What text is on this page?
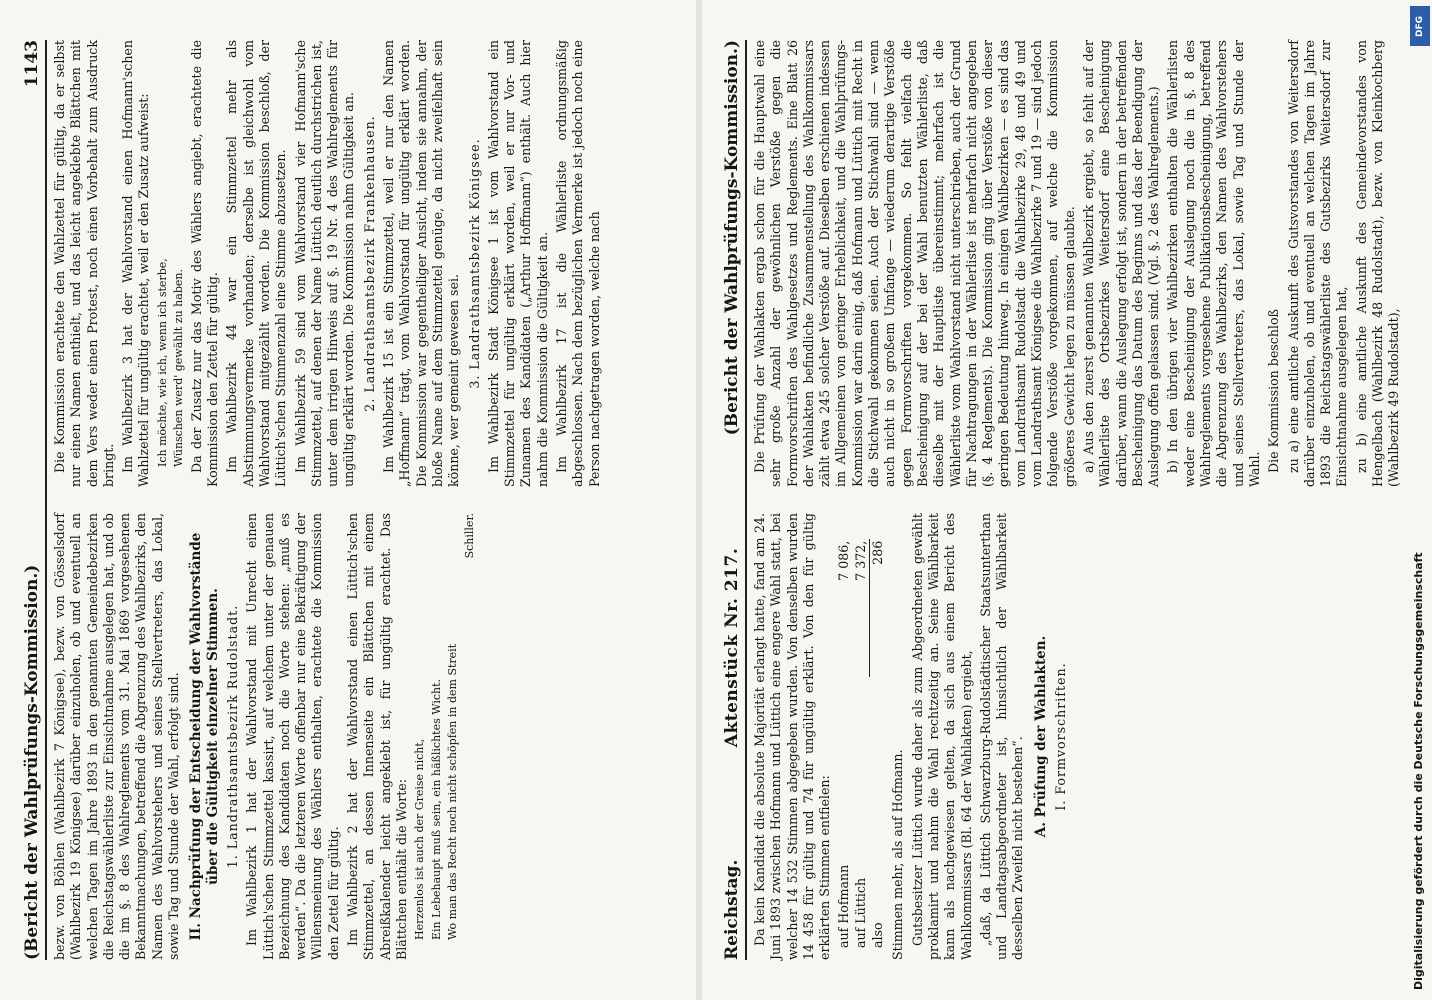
(Bericht der Wahlprüfungs-Kommission.)
1143

bezw. von Böhlen (Wahlbezirk 7 Königsee), bezw. von Gösselsdorf (Wahlbezirk 19 Königsee) darüber einzuholen, ob und eventuell an welchen Tagen im Jahre 1893 in den genannten Gemeindebezirken die Reichstagswählerliste zur Einsichtnahme ausgelegen hat, und ob die im §. 8 des Wahlreglements vom 31. Mai 1869 vorgesehenen Bekanntmachungen, betreffend die Abgrenzung des Wahlbezirks, den Namen des Wahlvorstehers und seines Stellvertreters, das Lokal, sowie Tag und Stunde der Wahl, erfolgt sind. II. Nachprüfung der Entscheidung der Wahlvorstände über die Gültigkeit einzelner Stimmen. 1. Landrathsamtsbezirk Rudolstadt. Im Wahlbezirk 1 hat der Wahlvorstand mit Unrecht einen Lüttich'schen Stimmzettel kassirt, auf welchem unter der genauen Bezeichnung des Kandidaten noch die Worte stehen: „muß es werden“. Da die letzteren Worte offenbar nur eine Bekräftigung der Willensmeinung des Wählers enthalten, erachtete die Kommission den Zettel für gültig. Im Wahlbezirk 2 hat der Wahlvorstand einen Lüttich'schen Stimmzettel, an dessen Innenseite ein Blättchen mit einem Abreißkalender leicht angeklebt ist, für ungültig erachtet. Das Blättchen enthält die Worte: Herzenlos ist auch der Greise nicht, Ein Lebehaupt muß sein, ein häßlichtes Wicht. Wo man das Recht noch nicht schöpfen in dem Streit

Schiller.

Die Kommission erachtete den Wahlzettel für gültig, da er selbst nur einen Namen enthielt, und das leicht angeklebte Blättchen mit dem Vers weder einen Protest, noch einen Vorbehalt zum Ausdruck bringt. Im Wahlbezirk 3 hat der Wahlvorstand einen Hofmann'schen Wahlzettel für ungültig erachtet, weil er den Zusatz aufweist: Ich möchte, wie ich, wenn ich sterbe, Wünschen werd' gewählt zu haben. Da der Zusatz nur das Motiv des Wählers angiebt, erachtete die Kommission den Zettel für gültig. Im Wahlbezirk 44 war ein Stimmzettel mehr als Abstimmungsvermerke vorhanden; derselbe ist gleichwohl vom Wahlvorstand mitgezählt worden. Die Kommission beschloß, der Lüttich'schen Stimmenzahl eine Stimme abzusetzen. Im Wahlbezirk 59 sind vom Wahlvorstand vier Hofmann'sche Stimmzettel, auf denen der Name Lüttich deutlich durchstrichen ist, unter dem irrigen Hinweis auf §. 19 Nr. 4 des Wahlreglements für ungültig erklärt worden. Die Kommission nahm Gültigkeit an. 2. Landrathsamtsbezirk Frankenhausen. Im Wahlbezirk 15 ist ein Stimmzettel, weil er nur den Namen „Hoffmann“ trägt, vom Wahlvorstand für ungültig erklärt worden. Die Kommission war gegentheiliger Ansicht, indem sie annahm, der bloße Name auf dem Stimmzettel genüge, da nicht zweifelhaft sein könne, wer gemeint gewesen sei. 3. Landrathsamtsbezirk Königsee. Im Wahlbezirk Stadt Königsee 1 ist vom Wahlvorstand ein Stimmzettel für ungültig erklärt worden, weil er nur Vor- und Zunamen des Kandidaten („Arthur Hoffmann“) enthält. Auch hier nahm die Kommission die Gültigkeit an. Im Wahlbezirk 17 ist die Wählerliste ordnungsmäßig abgeschlossen. Nach dem bezüglichen Vermerke ist jedoch noch eine Person nachgetragen worden, welche nach

Reichstag.
Aktenstück Nr. 217.
(Bericht der Wahlprüfungs-Kommission.)

Da kein Kandidat die absolute Majorität erlangt hatte, fand am 24. Juni 1893 zwischen Hofmann und Lüttich eine engere Wahl statt, bei welcher 14 532 Stimmen abgegeben wurden. Von denselben wurden 14 458 für gültig und 74 für ungültig erklärt. Von den für gültig erklärten Stimmen entfielen: auf Hofmann	7 086,
auf Lüttich	7 372,
also	286

Stimmen mehr, als auf Hofmann. Gutsbesitzer Lüttich wurde daher als zum Abgeordneten gewählt proklamirt und nahm die Wahl rechtzeitig an. Seine Wählbarkeit kann als nachgewiesen gelten, da sich aus einem Bericht des Wahlkommissars (Bl. 64 der Wahlakten) ergiebt, „daß, da Lüttich Schwarzburg-Rudolstädtischer Staatsunterthan und Landtagsabgeordneter ist, hinsichtlich der Wählbarkeit desselben Zweifel nicht bestehen“. A. Prüfung der Wahlakten. I. Formvorschriften.

Die Prüfung der Wahlakten ergab schon für die Hauptwahl eine sehr große Anzahl der gewöhnlichen Verstöße gegen die Formvorschriften des Wahlgesetzes und Reglements. Eine Blatt 26 der Wahlakten befindliche Zusammenstellung des Wahlkommissars zählt etwa 245 solcher Verstöße auf. Dieselben erschienen indessen im Allgemeinen von geringer Erheblichkeit, und die Wahlprüfungs-Kommission war darin einig, daß Hofmann und Lüttich mit Recht in die Stichwahl gekommen seien. Auch der Stichwahl sind — wenn auch nicht in so großem Umfange — wiederum derartige Verstöße gegen Formvorschriften vorgekommen. So fehlt vielfach die Bescheinigung auf der bei der Wahl benutzten Wählerliste, daß dieselbe mit der Hauptliste übereinstimmt; mehrfach ist die Wählerliste vom Wahlvorstand nicht unterschrieben, auch der Grund für Nachtragungen in der Wählerliste ist mehrfach nicht angegeben (§. 4 Reglements). Die Kommission ging über Verstöße von dieser geringen Bedeutung hinweg. In einigen Wahlbezirken — es sind das vom Landrathsamt Rudolstadt die Wahlbezirke 29, 48 und 49 und vom Landrathsamt Königsee die Wahlbezirke 7 und 19 — sind jedoch folgende Verstöße vorgekommen, auf welche die Kommission größeres Gewicht legen zu müssen glaubte. a) Aus den zuerst genannten Wahlbezirk ergiebt, so fehlt auf der Wählerliste des Ortsbezirkes Weitersdorf eine Bescheinigung darüber, wann die Auslegung erfolgt ist, sondern in der betreffenden Bescheinigung das Datum des Beginns und das der Beendigung der Auslegung offen gelassen sind. (Vgl. §. 2 des Wahlreglements.) b) In den übrigen vier Wahlbezirken enthalten die Wählerlisten weder eine Bescheinigung der Auslegung noch die in §. 8 des Wahlreglements vorgesehene Publikationsbescheinigung, betreffend die Abgrenzung des Wahlbezirks, den Namen des Wahlvorstehers und seines Stellvertreters, das Lokal, sowie Tag und Stunde der Wahl. Die Kommission beschloß zu a) eine amtliche Auskunft des Gutsvorstandes von Weitersdorf darüber einzuholen, ob und eventuell an welchen Tagen im Jahre 1893 die Reichstagswählerliste des Gutsbezirks Weitersdorf zur Einsichtnahme ausgelegen hat, zu b) eine amtliche Auskunft des Gemeindevorstandes von Hengelbach (Wahlbezirk 48 Rudolstadt), bezw. von Kleinkochberg (Wahlbezirk 49 Rudolstadt),

Digitalisierung gefördert durch die Deutsche Forschungsgemeinschaft
DFG
